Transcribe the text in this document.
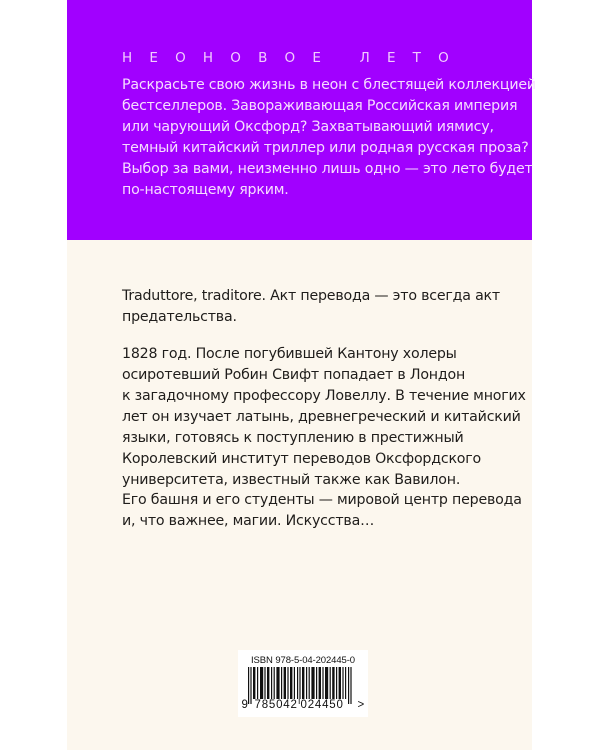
НЕОНОВОЕ ЛЕТО
Раскрасьте свою жизнь в неон с блестящей коллекцией
бестселлеров. Завораживающая Российская империя
или чарующий Оксфорд? Захватывающий иямису,
темный китайский триллер или родная русская проза?
Выбор за вами, неизменно лишь одно — это лето будет
по-настоящему ярким.
Traduttore, traditore. Акт перевода — это всегда акт
предательства.
1828 год. После погубившей Кантону холеры
осиротевший Робин Свифт попадает в Лондон
к загадочному профессору Ловеллу. В течение многих
лет он изучает латынь, древнегреческий и китайский
языки, готовясь к поступлению в престижный
Королевский институт переводов Оксфордского
университета, известный также как Вавилон.
Его башня и его студенты — мировой центр перевода
и, что важнее, магии. Искусства…
ISBN 978-5-04-202445-0
9 785042 024450 >
